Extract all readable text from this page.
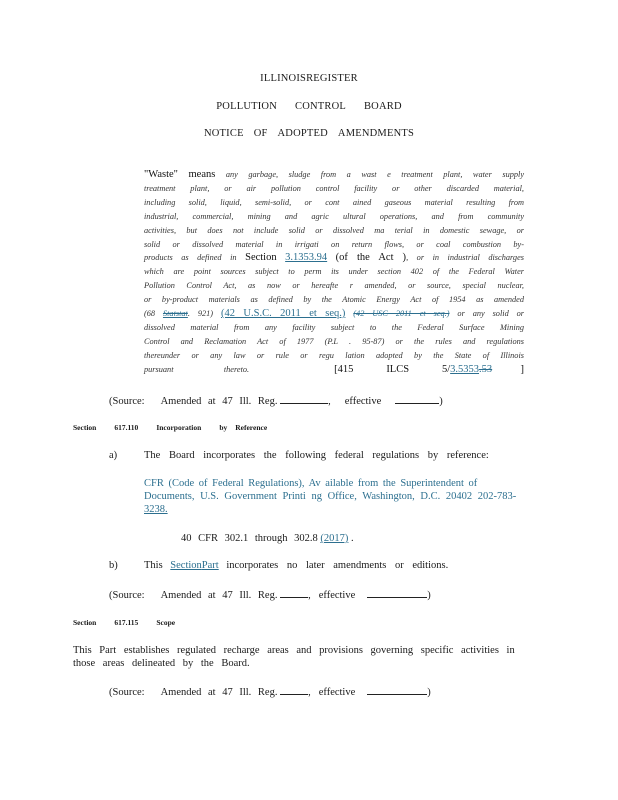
ILLINOISREGISTER
POLLUTION CONTROL BOARD
NOTICE OF ADOPTED AMENDMENTS
"Waste" means any garbage, sludge from a wast e treatment plant, water supply
treatment plant, or air pollution control facility or other discarded material,
including solid, liquid, semi-solid, or cont ained gaseous material resulting from
industrial, commercial, mining and agric ultural operations, and from community
activities, but does not include solid or dissolved ma terial in domestic sewage, or
solid or dissolved material in irrigati on return flows, or coal combustion by-
products as defined in Section 3.1353.94 (of the Act ), or in industrial discharges
which are point sources subject to perm its under section 402 of the Federal Water
Pollution Control Act, as now or hereafte r amended, or source, special nuclear,
or by-product materials as defined by the Atomic Energy Act of 1954 as amended
(68 Statstat. 921) (42 U.S.C. 2011 et seq.) (42 USC 2011 et seq.) or any solid or
dissolved material from any facility subject to the Federal Surface Mining
Control and Reclamation Act of 1977 (P.L . 95-87) or the rules and regulations
thereunder or any law or rule or regu lation adopted by the State of Illinois
pursuant thereto.	[415 ILCS 5/3.5353.53	]
(Source: Amended at 47 Ill. Reg.	, effective	)
Section 617.110 Incorporation by Reference
a)	The Board incorporates the following federal regulations by reference:
CFR (Code of Federal Regulations), Av ailable from the Superintendent of
Documents, U.S. Government Printi ng Office, Washington, D.C. 20402 202-783-
3238.
40 CFR 302.1 through 302.8 (2017) .
b)	This SectionPart incorporates no later amendments or editions.
(Source: Amended at 47 Ill. Reg.	, effective	)
Section 617.115 Scope
This Part establishes regulated recharge areas and provisions governing specific activities in
those areas delineated by the Board.
(Source: Amended at 47 Ill. Reg.	, effective	)
